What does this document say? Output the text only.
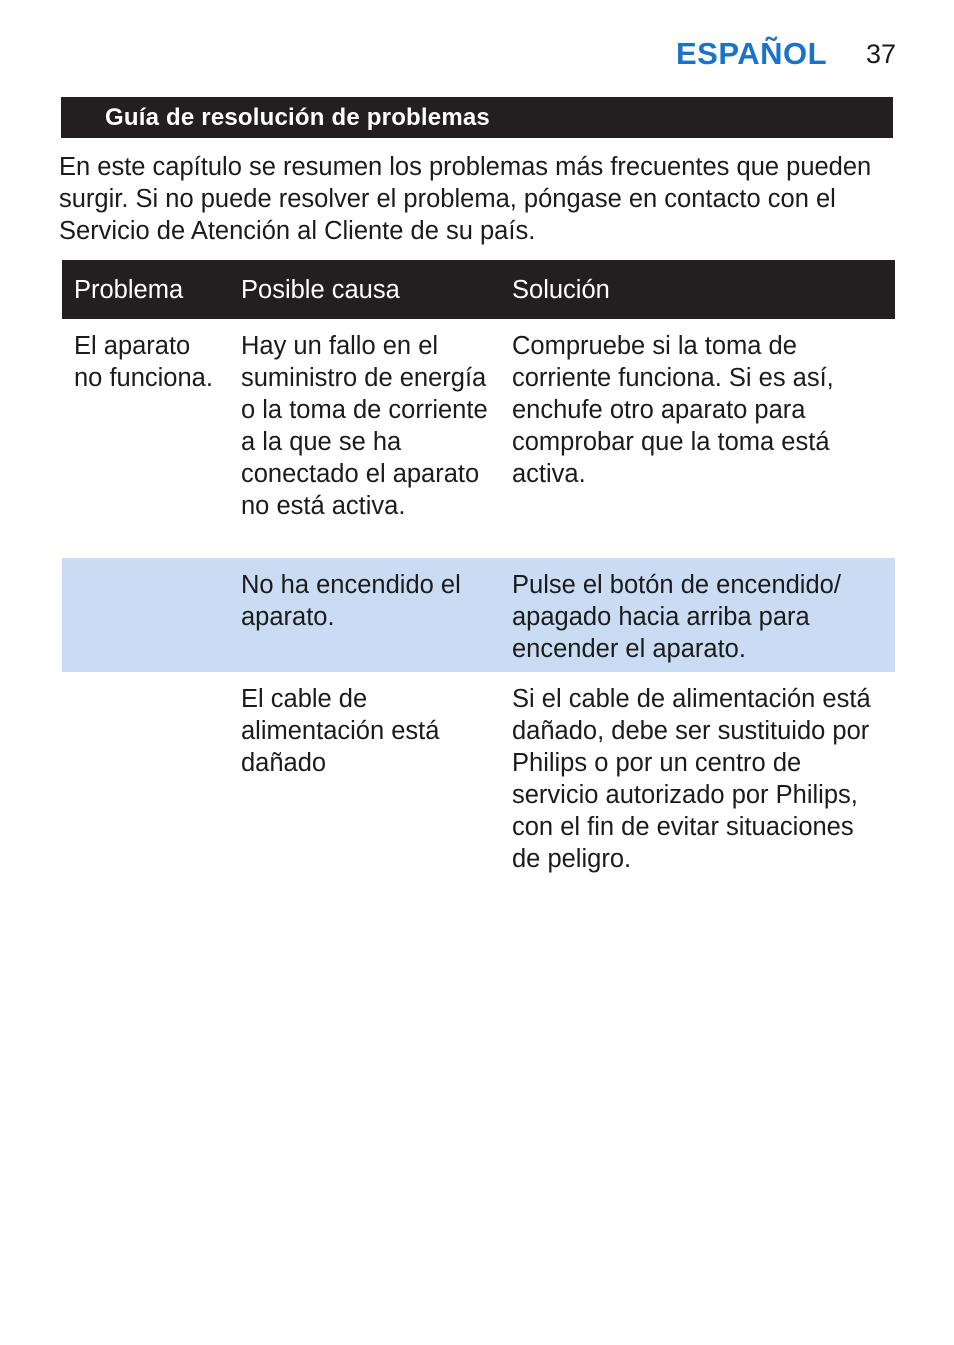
ESPAÑOL 37
Guía de resolución de problemas

En este capítulo se resumen los problemas más frecuentes que pueden surgir. Si no puede resolver el problema, póngase en contacto con el Servicio de Atención al Cliente de su país.

Problema	Posible causa	Solución
El aparato no funciona.	Hay un fallo en el suministro de energía o la toma de corriente a la que se ha conectado el aparato no está activa.	Compruebe si la toma de corriente funciona. Si es así, enchufe otro aparato para comprobar que la toma está activa.
	No ha encendido el aparato.	Pulse el botón de encendido/ apagado hacia arriba para encender el aparato.
	El cable de alimentación está dañado	Si el cable de alimentación está dañado, debe ser sustituido por Philips o por un centro de servicio autorizado por Philips, con el fin de evitar situaciones de peligro.
